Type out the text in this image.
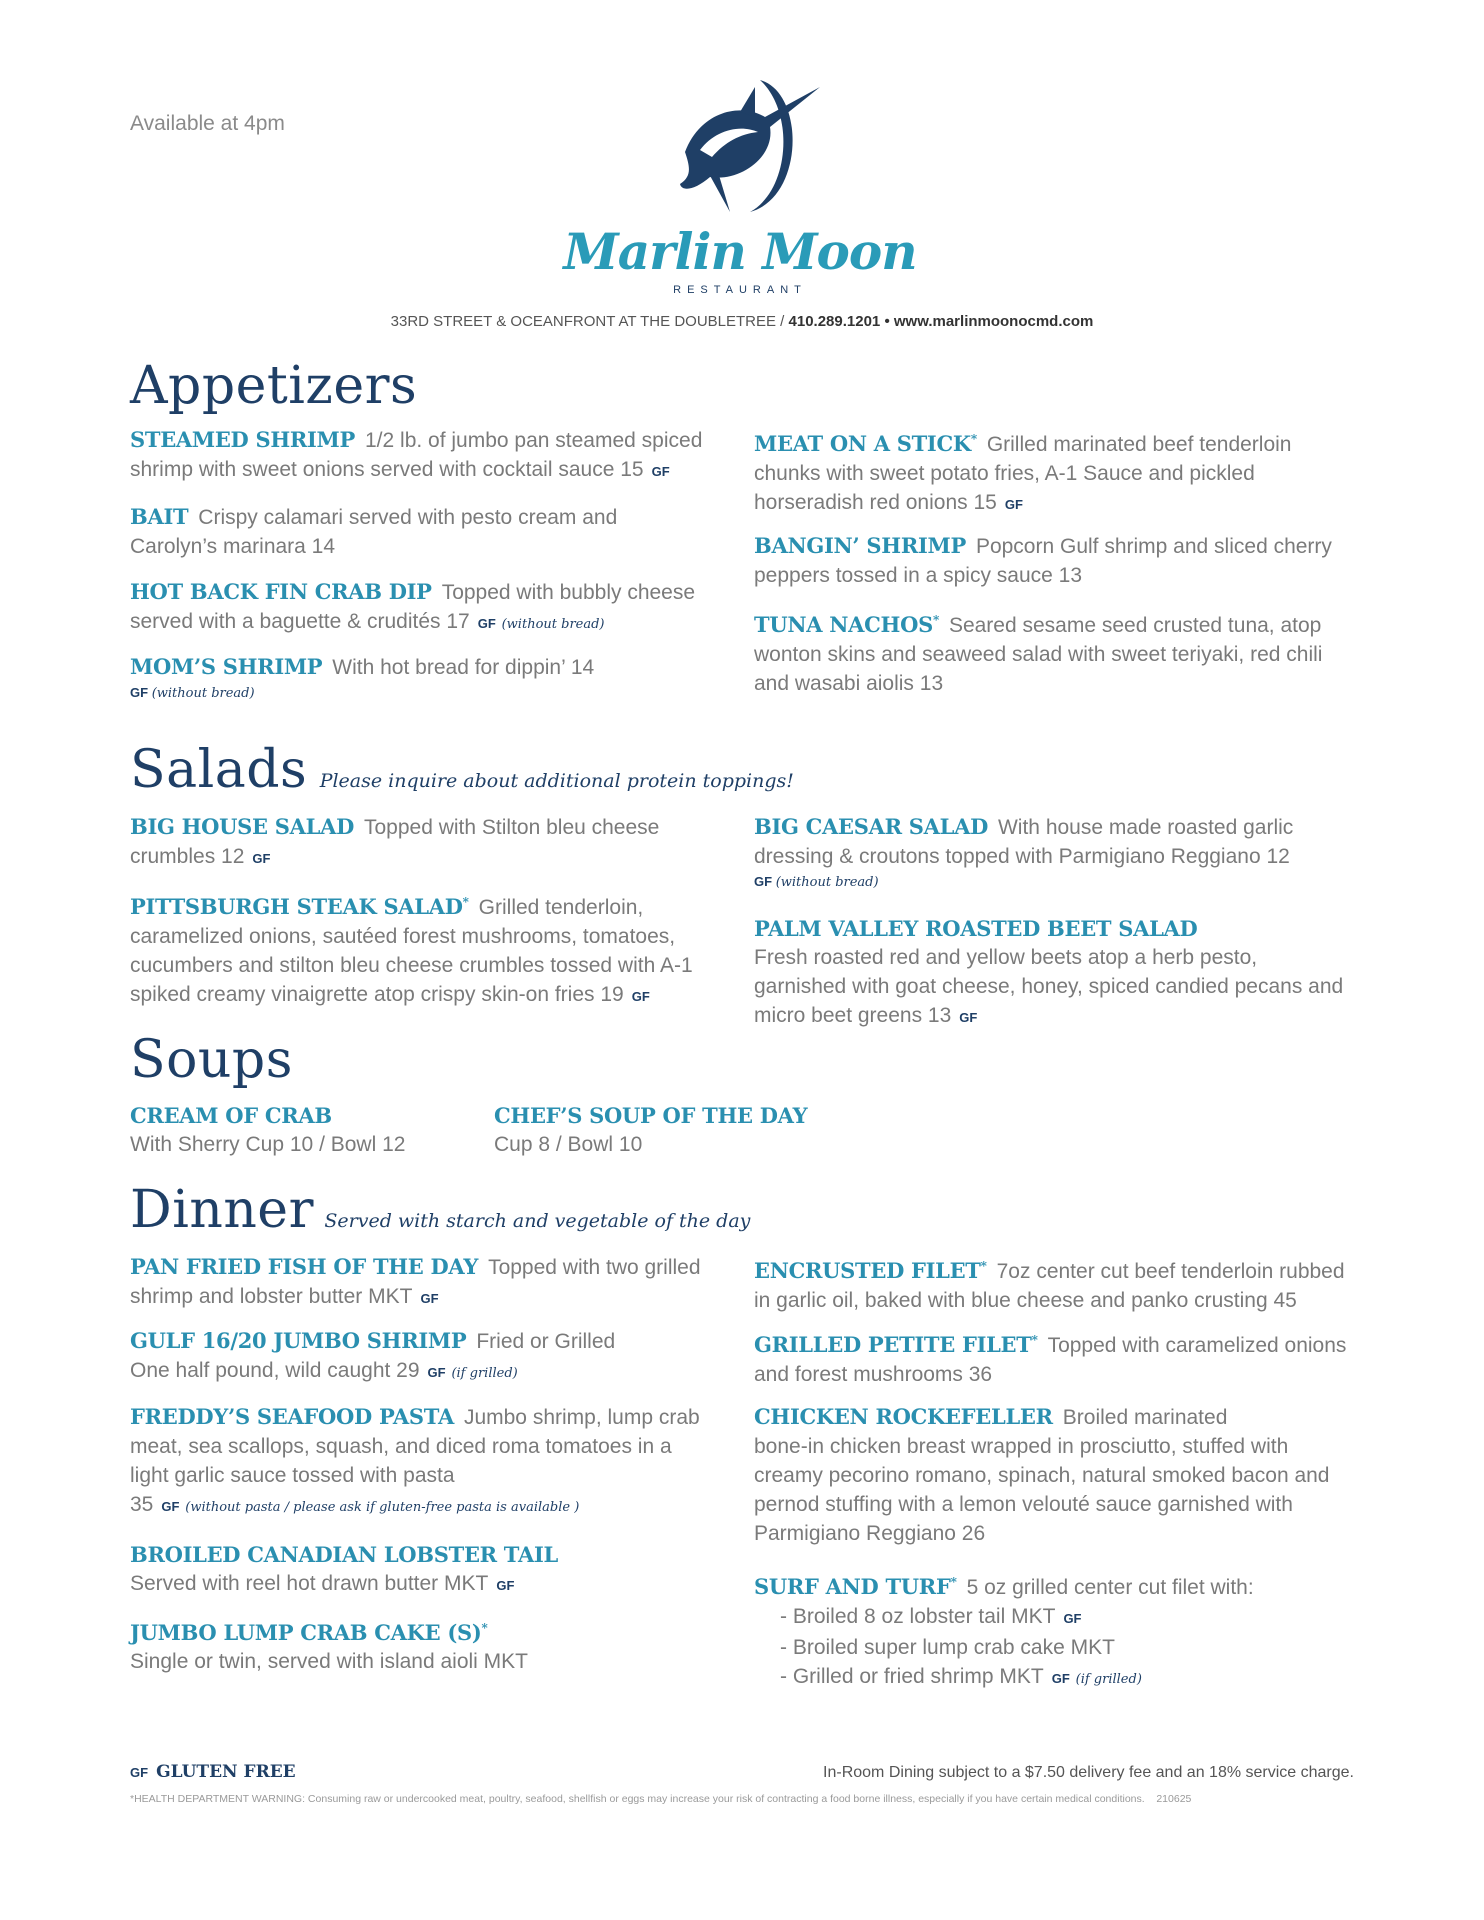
Available at 4pm
Marlin Moon
RESTAURANT
33RD STREET & OCEANFRONT AT THE DOUBLETREE / 410.289.1201 • www.marlinmoonocmd.com
Appetizers
STEAMED SHRIMP 1/2 lb. of jumbo pan steamed spiced shrimp with sweet onions served with cocktail sauce 15 GF
BAIT Crispy calamari served with pesto cream and Carolyn’s marinara 14
HOT BACK FIN CRAB DIP Topped with bubbly cheese served with a baguette & crudités 17 GF (without bread)
MOM’S SHRIMP With hot bread for dippin’ 14
GF (without bread)
MEAT ON A STICK* Grilled marinated beef tenderloin chunks with sweet potato fries, A-1 Sauce and pickled horseradish red onions 15 GF
BANGIN’ SHRIMP Popcorn Gulf shrimp and sliced cherry peppers tossed in a spicy sauce 13
TUNA NACHOS* Seared sesame seed crusted tuna, atop wonton skins and seaweed salad with sweet teriyaki, red chili and wasabi aiolis 13
Salads Please inquire about additional protein toppings!
BIG HOUSE SALAD Topped with Stilton bleu cheese crumbles 12 GF
PITTSBURGH STEAK SALAD* Grilled tenderloin, caramelized onions, sautéed forest mushrooms, tomatoes, cucumbers and stilton bleu cheese crumbles tossed with A-1 spiked creamy vinaigrette atop crispy skin-on fries 19 GF
BIG CAESAR SALAD With house made roasted garlic dressing & croutons topped with Parmigiano Reggiano 12
GF (without bread)
PALM VALLEY ROASTED BEET SALAD
Fresh roasted red and yellow beets atop a herb pesto, garnished with goat cheese, honey, spiced candied pecans and micro beet greens 13 GF
Soups
CREAM OF CRAB
With Sherry Cup 10 / Bowl 12
CHEF’S SOUP OF THE DAY
Cup 8 / Bowl 10
Dinner Served with starch and vegetable of the day
PAN FRIED FISH OF THE DAY Topped with two grilled shrimp and lobster butter MKT GF
GULF 16/20 JUMBO SHRIMP Fried or Grilled
One half pound, wild caught 29 GF (if grilled)
FREDDY’S SEAFOOD PASTA Jumbo shrimp, lump crab meat, sea scallops, squash, and diced roma tomatoes in a light garlic sauce tossed with pasta
35 GF (without pasta / please ask if gluten-free pasta is available )
BROILED CANADIAN LOBSTER TAIL
Served with reel hot drawn butter MKT GF
JUMBO LUMP CRAB CAKE (S)*
Single or twin, served with island aioli MKT
ENCRUSTED FILET* 7oz center cut beef tenderloin rubbed in garlic oil, baked with blue cheese and panko crusting 45
GRILLED PETITE FILET* Topped with caramelized onions and forest mushrooms 36
CHICKEN ROCKEFELLER Broiled marinated
bone-in chicken breast wrapped in prosciutto, stuffed with creamy pecorino romano, spinach, natural smoked bacon and pernod stuffing with a lemon velouté sauce garnished with Parmigiano Reggiano 26
SURF AND TURF* 5 oz grilled center cut filet with:
- Broiled 8 oz lobster tail MKT GF
- Broiled super lump crab cake MKT
- Grilled or fried shrimp MKT GF (if grilled)
GF GLUTEN FREE	In-Room Dining subject to a $7.50 delivery fee and an 18% service charge.
*HEALTH DEPARTMENT WARNING: Consuming raw or undercooked meat, poultry, seafood, shellfish or eggs may increase your risk of contracting a food borne illness, especially if you have certain medical conditions. 210625
